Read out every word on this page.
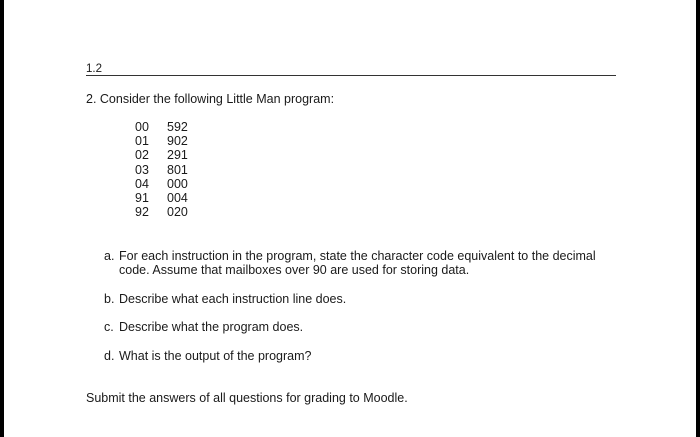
1.2
2. Consider the following Little Man program:
00	592
01	902
02	291
03	801
04	000
91	004
92	020
a. For each instruction in the program, state the character code equivalent to the decimal code. Assume that mailboxes over 90 are used for storing data.
b. Describe what each instruction line does.
c. Describe what the program does.
d. What is the output of the program?
Submit the answers of all questions for grading to Moodle.
